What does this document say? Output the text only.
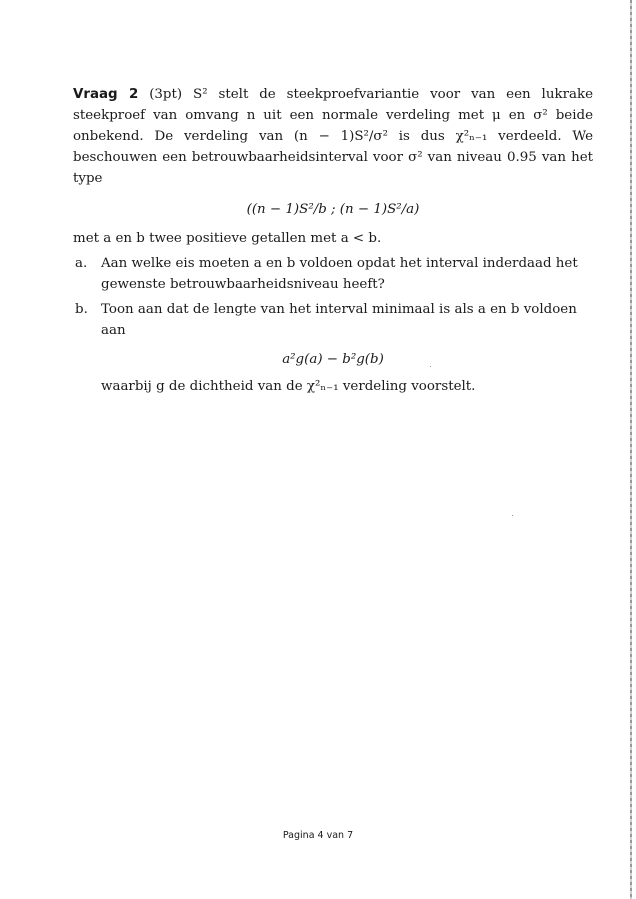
Vraag 2 (3pt) S² stelt de steekproefvariantie voor van een lukrake steekproef van omvang n uit een normale verdeling met μ en σ² beide onbekend. De verdeling van (n − 1)S²/σ² is dus χ²ₙ₋₁ verdeeld. We beschouwen een betrouwbaarheidsinterval voor σ² van niveau 0.95 van het type

((n − 1)S²/b ; (n − 1)S²/a)

met a en b twee positieve getallen met a < b.

a.	Aan welke eis moeten a en b voldoen opdat het interval inderdaad het gewenste betrouwbaarheidsniveau heeft?
b. Toon aan dat de lengte van het interval minimaal is als a en b voldoen aan
a²g(a) − b²g(b)
waarbij g de dichtheid van de χ²ₙ₋₁ verdeling voorstelt.
Pagina 4 van 7
